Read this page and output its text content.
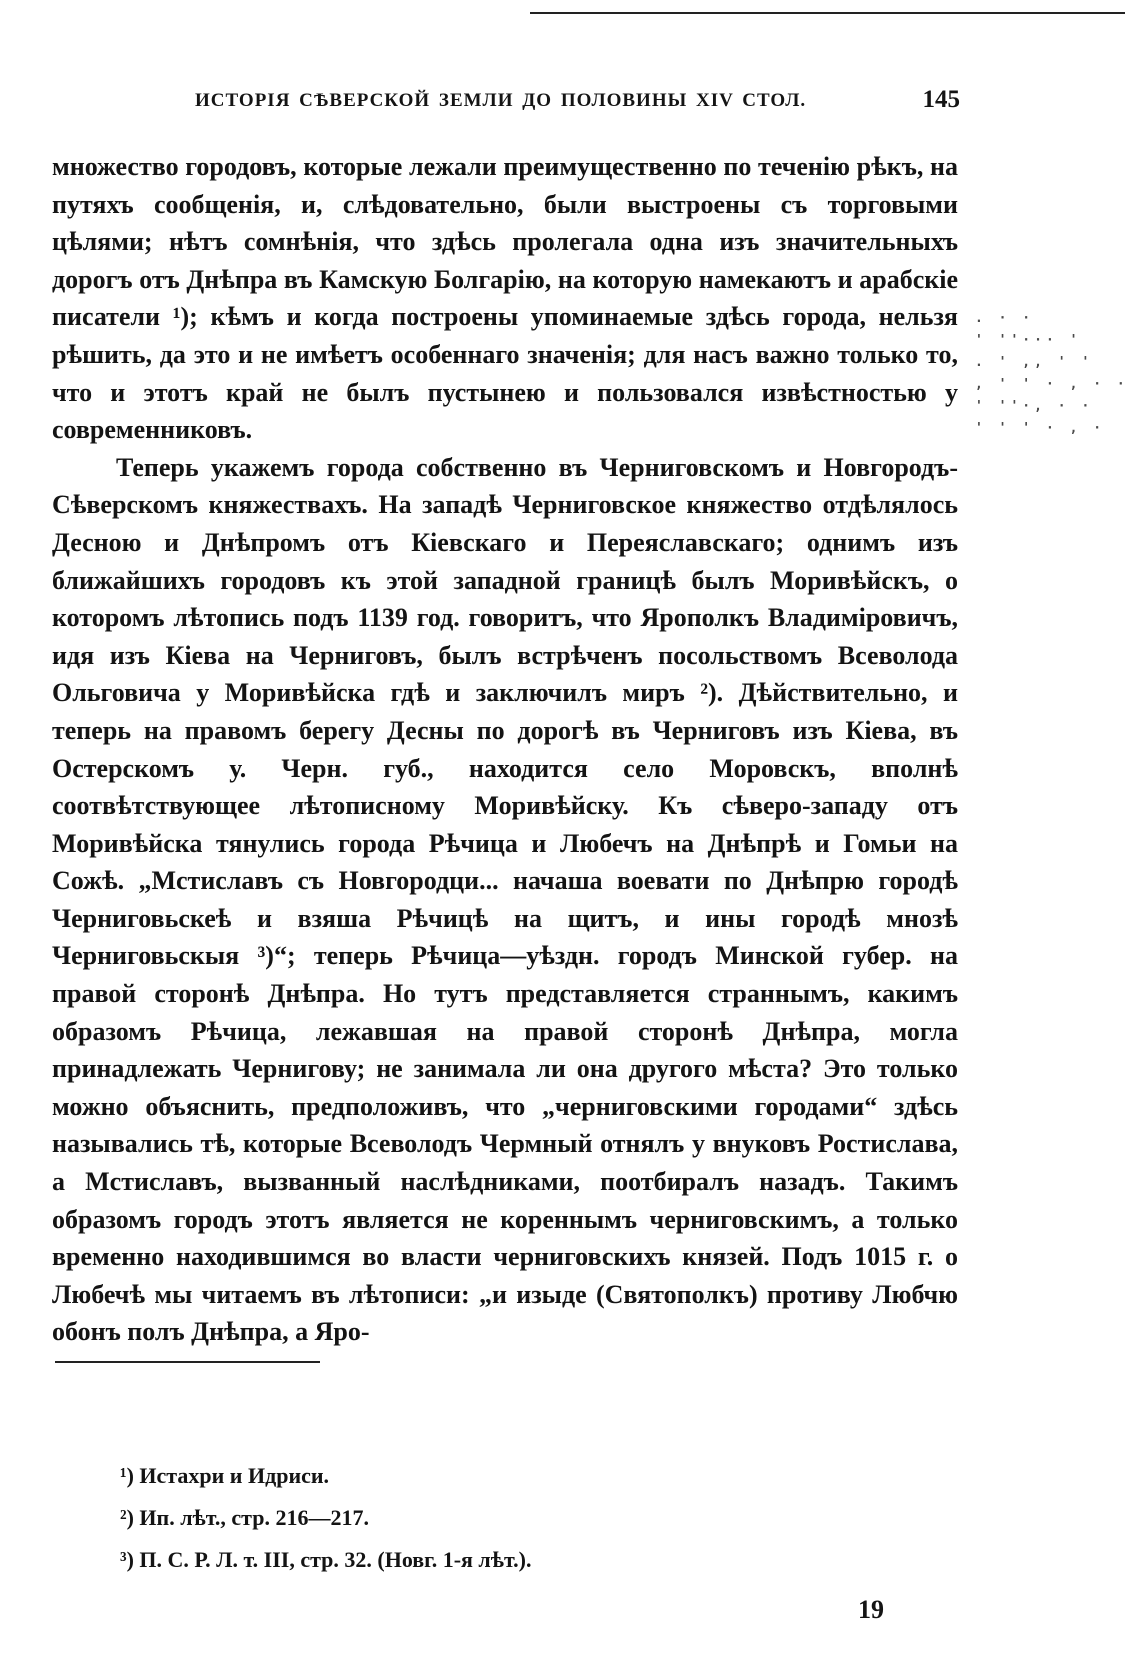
ИСТОРІЯ СѢВЕРСКОЙ ЗЕМЛИ ДО ПОЛОВИНЫ XIV СТОЛ.	145

множество городовъ, которые лежали преимущественно по теченію рѣкъ, на путяхъ сообщенія, и, слѣдовательно, были выстроены съ торговыми цѣлями; нѣтъ сомнѣнія, что здѣсь пролегала одна изъ значительныхъ дорогъ отъ Днѣпра въ Камскую Болгарію, на которую намекаютъ и арабскіе писатели ¹); кѣмъ и когда построены упоминаемые здѣсь города, нельзя рѣшить, да это и не имѣетъ особеннаго значенія; для насъ важно только то, что и этотъ край не былъ пустынею и пользовался извѣстностью у современниковъ.

Теперь укажемъ города собственно въ Черниговскомъ и Новгородъ-Сѣверскомъ княжествахъ. На западѣ Черниговское княжество отдѣлялось Десною и Днѣпромъ отъ Кіевскаго и Переяславскаго; однимъ изъ ближайшихъ городовъ къ этой западной границѣ былъ Моривѣйскъ, о которомъ лѣтопись подъ 1139 год. говоритъ, что Ярополкъ Владиміровичъ, идя изъ Кіева на Черниговъ, былъ встрѣченъ посольствомъ Всеволода Ольговича у Моривѣйска гдѣ и заключилъ миръ ²). Дѣйствительно, и теперь на правомъ берегу Десны по дорогѣ въ Черниговъ изъ Кіева, въ Остерскомъ у. Черн. губ., находится село Моровскъ, вполнѣ соотвѣтствующее лѣтописному Моривѣйску. Къ сѣверо-западу отъ Моривѣйска тянулись города Рѣчица и Любечъ на Днѣпрѣ и Гомьи на Сожѣ. „Мстиславъ съ Новгородци... начаша воевати по Днѣпрю городѣ Черниговьскеѣ и взяша Рѣчицѣ на щитъ, и ины городѣ мнозѣ Черниговьскыя ³)“; теперь Рѣчица—уѣздн. городъ Минской губер. на правой сторонѣ Днѣпра. Но тутъ представляется страннымъ, какимъ образомъ Рѣчица, лежавшая на правой сторонѣ Днѣпра, могла принадлежать Чернигову; не занимала ли она другого мѣста? Это только можно объяснить, предположивъ, что „черниговскими городами“ здѣсь назывались тѣ, которые Всеволодъ Чермный отнялъ у внуковъ Ростислава, а Мстиславъ, вызванный наслѣдниками, поотбиралъ назадъ. Такимъ образомъ городъ этотъ является не кореннымъ черниговскимъ, а только временно находившимся во власти черниговскихъ князей. Подъ 1015 г. о Любечѣ мы читаемъ въ лѣтописи: „и изыде (Святополкъ) противу Любчю обонъ полъ Днѣпра, а Яро-

. · ·
' ''··· '
. ' ,, ' '
, ' ' · , · ·
' ''·, · ·
' ' ' · , ·
¹) Истахри и Идриси.
²) Ип. лѣт., стр. 216—217.
³) П. С. Р. Л. т. III, стр. 32. (Новг. 1-я лѣт.).
19
